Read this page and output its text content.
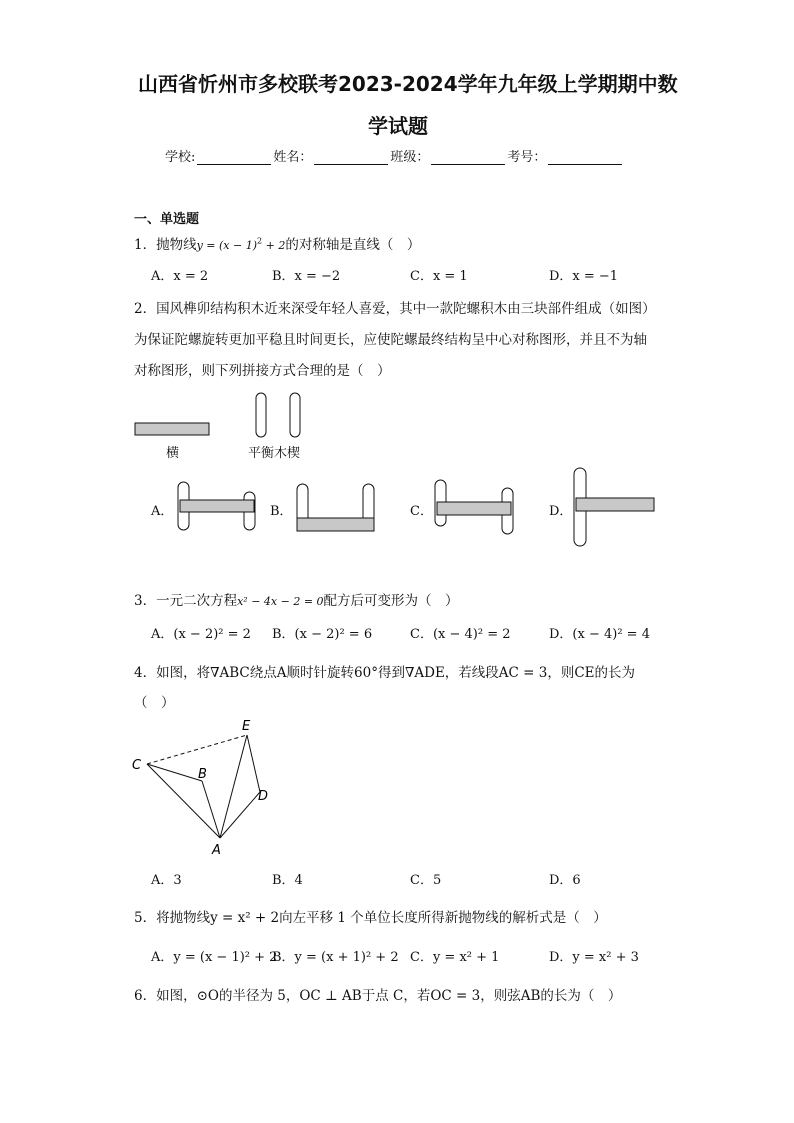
山西省忻州市多校联考2023-2024学年九年级上学期期中数
学试题
学校:	姓名：	班级：	考号：
一、单选题
1．抛物线$y = (x - 1)^2 + 2$的对称轴是直线（　）
A．x = 2	B．x = −2	C．x = 1	D．x = −1
2．国风榫卯结构积木近来深受年轻人喜爱，其中一款陀螺积木由三块部件组成（如图）
为保证陀螺旋转更加平稳且时间更长，应使陀螺最终结构呈中心对称图形，并且不为轴
对称图形，则下列拼接方式合理的是（　）
横	平衡木楔
A．	B．	C．	D．
3．一元二次方程x² − 4x − 2 = 0配方后可变形为（　）
A．(x − 2)² = 2 B．(x − 2)² = 6	C．(x − 4)² = 2	D．(x − 4)² = 4
4．如图，将∇ABC绕点A顺时针旋转60°得到∇ADE，若线段AC = 3，则CE的长为
（　）
E
C
B
D
A
A．3	B．4	C．5	D．6
5．将抛物线y = x² + 2向左平移 1 个单位长度所得新抛物线的解析式是（　）
A．y = (x − 1)² + 2
B．y = (x + 1)² + 2 C．y = x² + 1	D．y = x² + 3
6．如图，⊙O的半径为 5，OC ⊥ AB于点 C，若OC = 3，则弦AB的长为（　）
